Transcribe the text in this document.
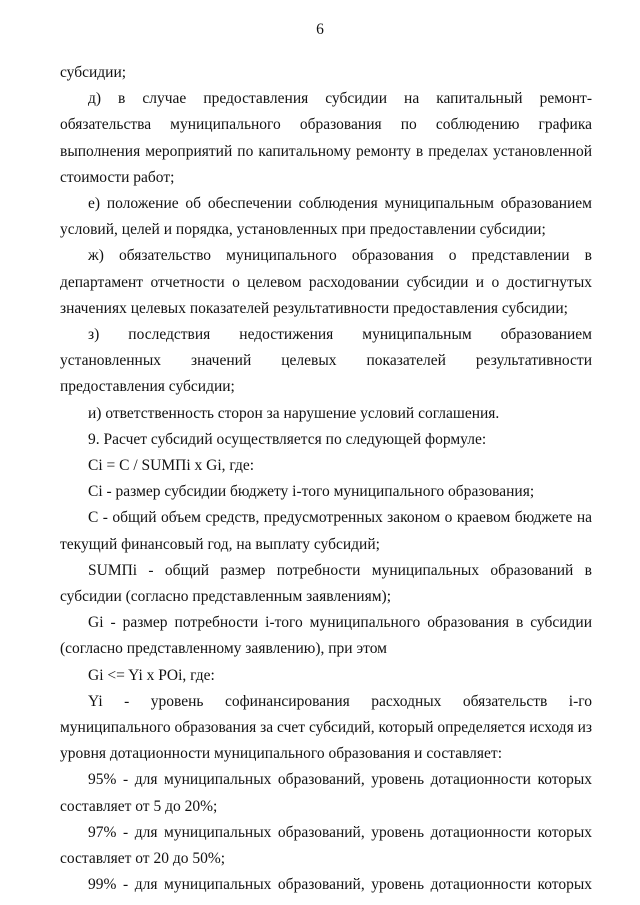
6

субсидии;

д) в случае предоставления субсидии на капитальный ремонт- обязательства муниципального образования по соблюдению графика выполнения мероприятий по капитальному ремонту в пределах установленной стоимости работ;

е) положение об обеспечении соблюдения муниципальным образованием условий, целей и порядка, установленных при предоставлении субсидии;

ж) обязательство муниципального образования о представлении в департамент отчетности о целевом расходовании субсидии и о достигнутых значениях целевых показателей результативности предоставления субсидии;

з) последствия недостижения муниципальным образованием установленных значений целевых показателей результативности предоставления субсидии;

и) ответственность сторон за нарушение условий соглашения.

9. Расчет субсидий осуществляется по следующей формуле:

Ci = C / SUMПi x Gi, где:

Ci - размер субсидии бюджету i-того муниципального образования;

С - общий объем средств, предусмотренных законом о краевом бюджете на текущий финансовый год, на выплату субсидий;

SUMПi - общий размер потребности муниципальных образований в субсидии (согласно представленным заявлениям);

Gi - размер потребности i-того муниципального образования в субсидии (согласно представленному заявлению), при этом

Gi <= Yi x POi, где:

Yi - уровень софинансирования расходных обязательств i-го муниципального образования за счет субсидий, который определяется исходя из уровня дотационности муниципального образования и составляет:

95% - для муниципальных образований, уровень дотационности которых составляет от 5 до 20%;

97% - для муниципальных образований, уровень дотационности которых составляет от 20 до 50%;

99% - для муниципальных образований, уровень дотационности которых
